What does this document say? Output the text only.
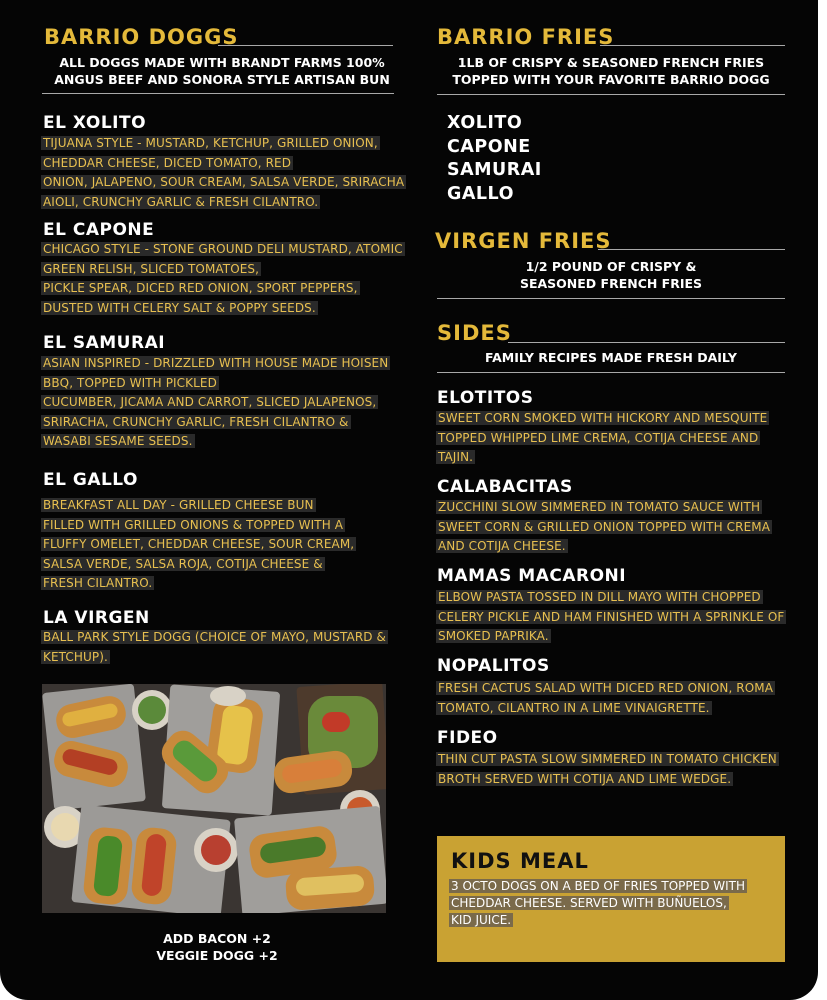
BARRIO DOGGS
ALL DOGGS MADE WITH BRANDT FARMS 100%
ANGUS BEEF AND SONORA STYLE ARTISAN BUN
EL XOLITO
TIJUANA STYLE - MUSTARD, KETCHUP, GRILLED ONION,
CHEDDAR CHEESE, DICED TOMATO, RED
ONION, JALAPENO, SOUR CREAM, SALSA VERDE, SRIRACHA
AIOLI, CRUNCHY GARLIC & FRESH CILANTRO.
EL CAPONE
CHICAGO STYLE - STONE GROUND DELI MUSTARD, ATOMIC
GREEN RELISH, SLICED TOMATOES,
PICKLE SPEAR, DICED RED ONION, SPORT PEPPERS,
DUSTED WITH CELERY SALT & POPPY SEEDS.
EL SAMURAI
ASIAN INSPIRED - DRIZZLED WITH HOUSE MADE HOISEN
BBQ, TOPPED WITH PICKLED
CUCUMBER, JICAMA AND CARROT, SLICED JALAPENOS,
SRIRACHA, CRUNCHY GARLIC, FRESH CILANTRO &
WASABI SESAME SEEDS.
EL GALLO
BREAKFAST ALL DAY - GRILLED CHEESE BUN
FILLED WITH GRILLED ONIONS & TOPPED WITH A
FLUFFY OMELET, CHEDDAR CHEESE, SOUR CREAM,
SALSA VERDE, SALSA ROJA, COTIJA CHEESE &
FRESH CILANTRO.
LA VIRGEN
BALL PARK STYLE DOGG (CHOICE OF MAYO, MUSTARD &
KETCHUP).
ADD BACON +2
VEGGIE DOGG +2
BARRIO FRIES
1LB OF CRISPY & SEASONED FRENCH FRIES
TOPPED WITH YOUR FAVORITE BARRIO DOGG
XOLITO
CAPONE
SAMURAI
GALLO
VIRGEN FRIES
1/2 POUND OF CRISPY &
SEASONED FRENCH FRIES
SIDES
FAMILY RECIPES MADE FRESH DAILY
ELOTITOS
SWEET CORN SMOKED WITH HICKORY AND MESQUITE
TOPPED WHIPPED LIME CREMA, COTIJA CHEESE AND
TAJIN.
CALABACITAS
ZUCCHINI SLOW SIMMERED IN TOMATO SAUCE WITH
SWEET CORN & GRILLED ONION TOPPED WITH CREMA
AND COTIJA CHEESE.
MAMAS MACARONI
ELBOW PASTA TOSSED IN DILL MAYO WITH CHOPPED
CELERY PICKLE AND HAM FINISHED WITH A SPRINKLE OF
SMOKED PAPRIKA.
NOPALITOS
FRESH CACTUS SALAD WITH DICED RED ONION, ROMA
TOMATO, CILANTRO IN A LIME VINAIGRETTE.
FIDEO
THIN CUT PASTA SLOW SIMMERED IN TOMATO CHICKEN
BROTH SERVED WITH COTIJA AND LIME WEDGE.
KIDS MEAL
3 OCTO DOGS ON A BED OF FRIES TOPPED WITH
CHEDDAR CHEESE. SERVED WITH BUÑUELOS,
KID JUICE.
